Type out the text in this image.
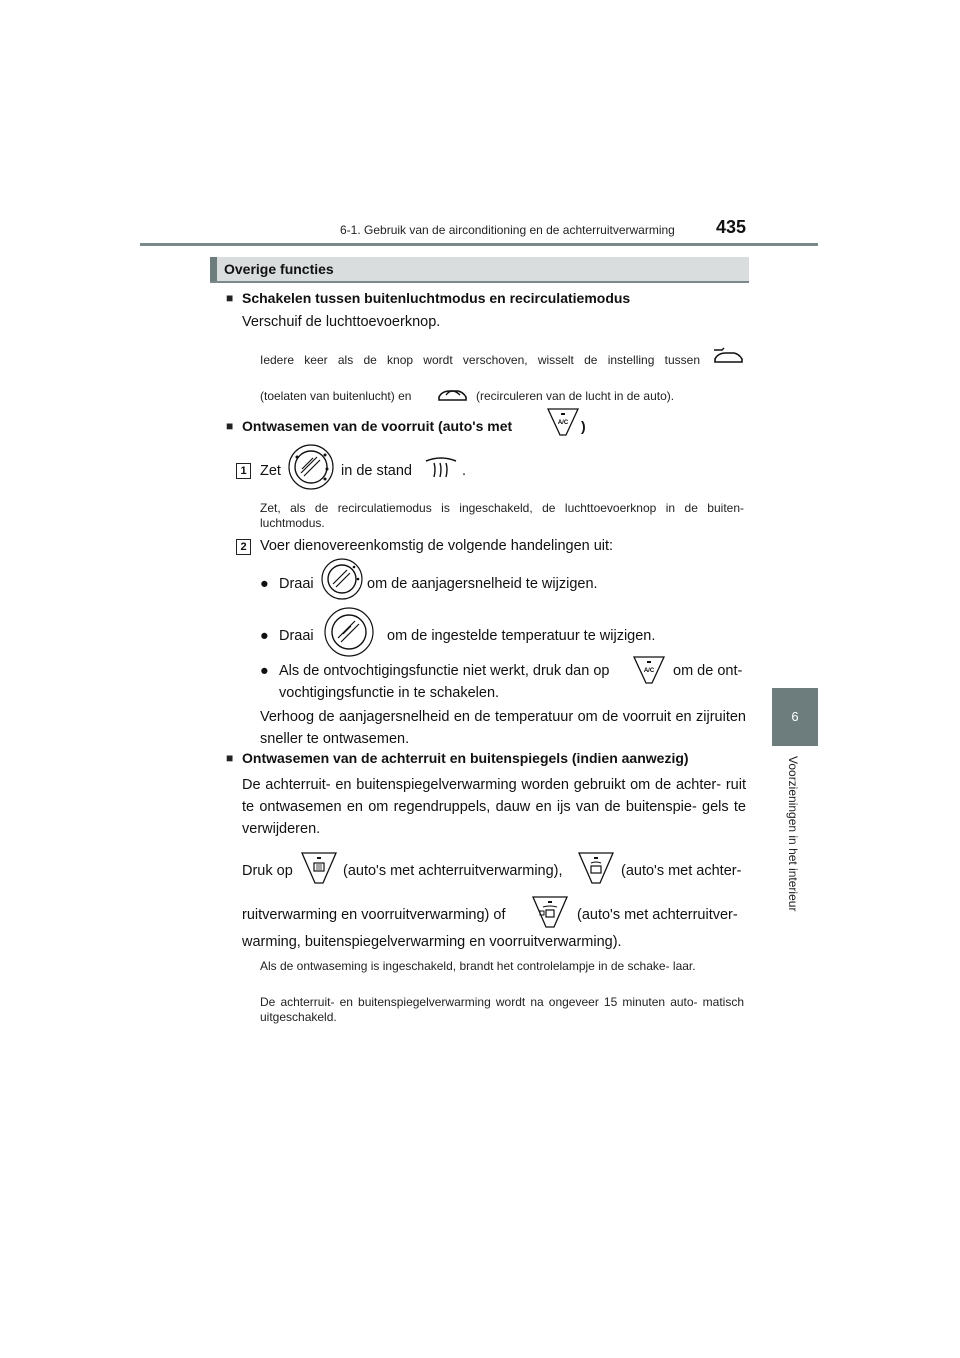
6-1. Gebruik van de airconditioning en de achterruitverwarming 435
6
Voorzieningen in het interieur
Overige functies
■ Schakelen tussen buitenluchtmodus en recirculatiemodus
Verschuif de luchttoevoerknop.
Iedere keer als de knop wordt verschoven, wisselt de instelling tussen
(toelaten van buitenlucht) en	(recirculeren van de lucht in de auto).
■ Ontwasemen van de voorruit (auto's met	A/C )
1 Zet	in de stand	.
Zet, als de recirculatiemodus is ingeschakeld, de luchttoevoerknop in de buiten- luchtmodus.
2 Voer dienovereenkomstig de volgende handelingen uit:
● Draai	om de aanjagersnelheid te wijzigen.
● Draai	om de ingestelde temperatuur te wijzigen.
● Als de ontvochtigingsfunctie niet werkt, druk dan op	A/C om de ont-
vochtigingsfunctie in te schakelen.
Verhoog de aanjagersnelheid en de temperatuur om de voorruit en zijruiten sneller te ontwasemen.
■ Ontwasemen van de achterruit en buitenspiegels (indien aanwezig)
De achterruit- en buitenspiegelverwarming worden gebruikt om de achter- ruit te ontwasemen en om regendruppels, dauw en ijs van de buitenspie- gels te verwijderen.
Druk op	(auto's met achterruitverwarming),	(auto's met achter-
ruitverwarming en voorruitverwarming) of	(auto's met achterruitver-
warming, buitenspiegelverwarming en voorruitverwarming).
Als de ontwaseming is ingeschakeld, brandt het controlelampje in de schake- laar.
De achterruit- en buitenspiegelverwarming wordt na ongeveer 15 minuten auto- matisch uitgeschakeld.
